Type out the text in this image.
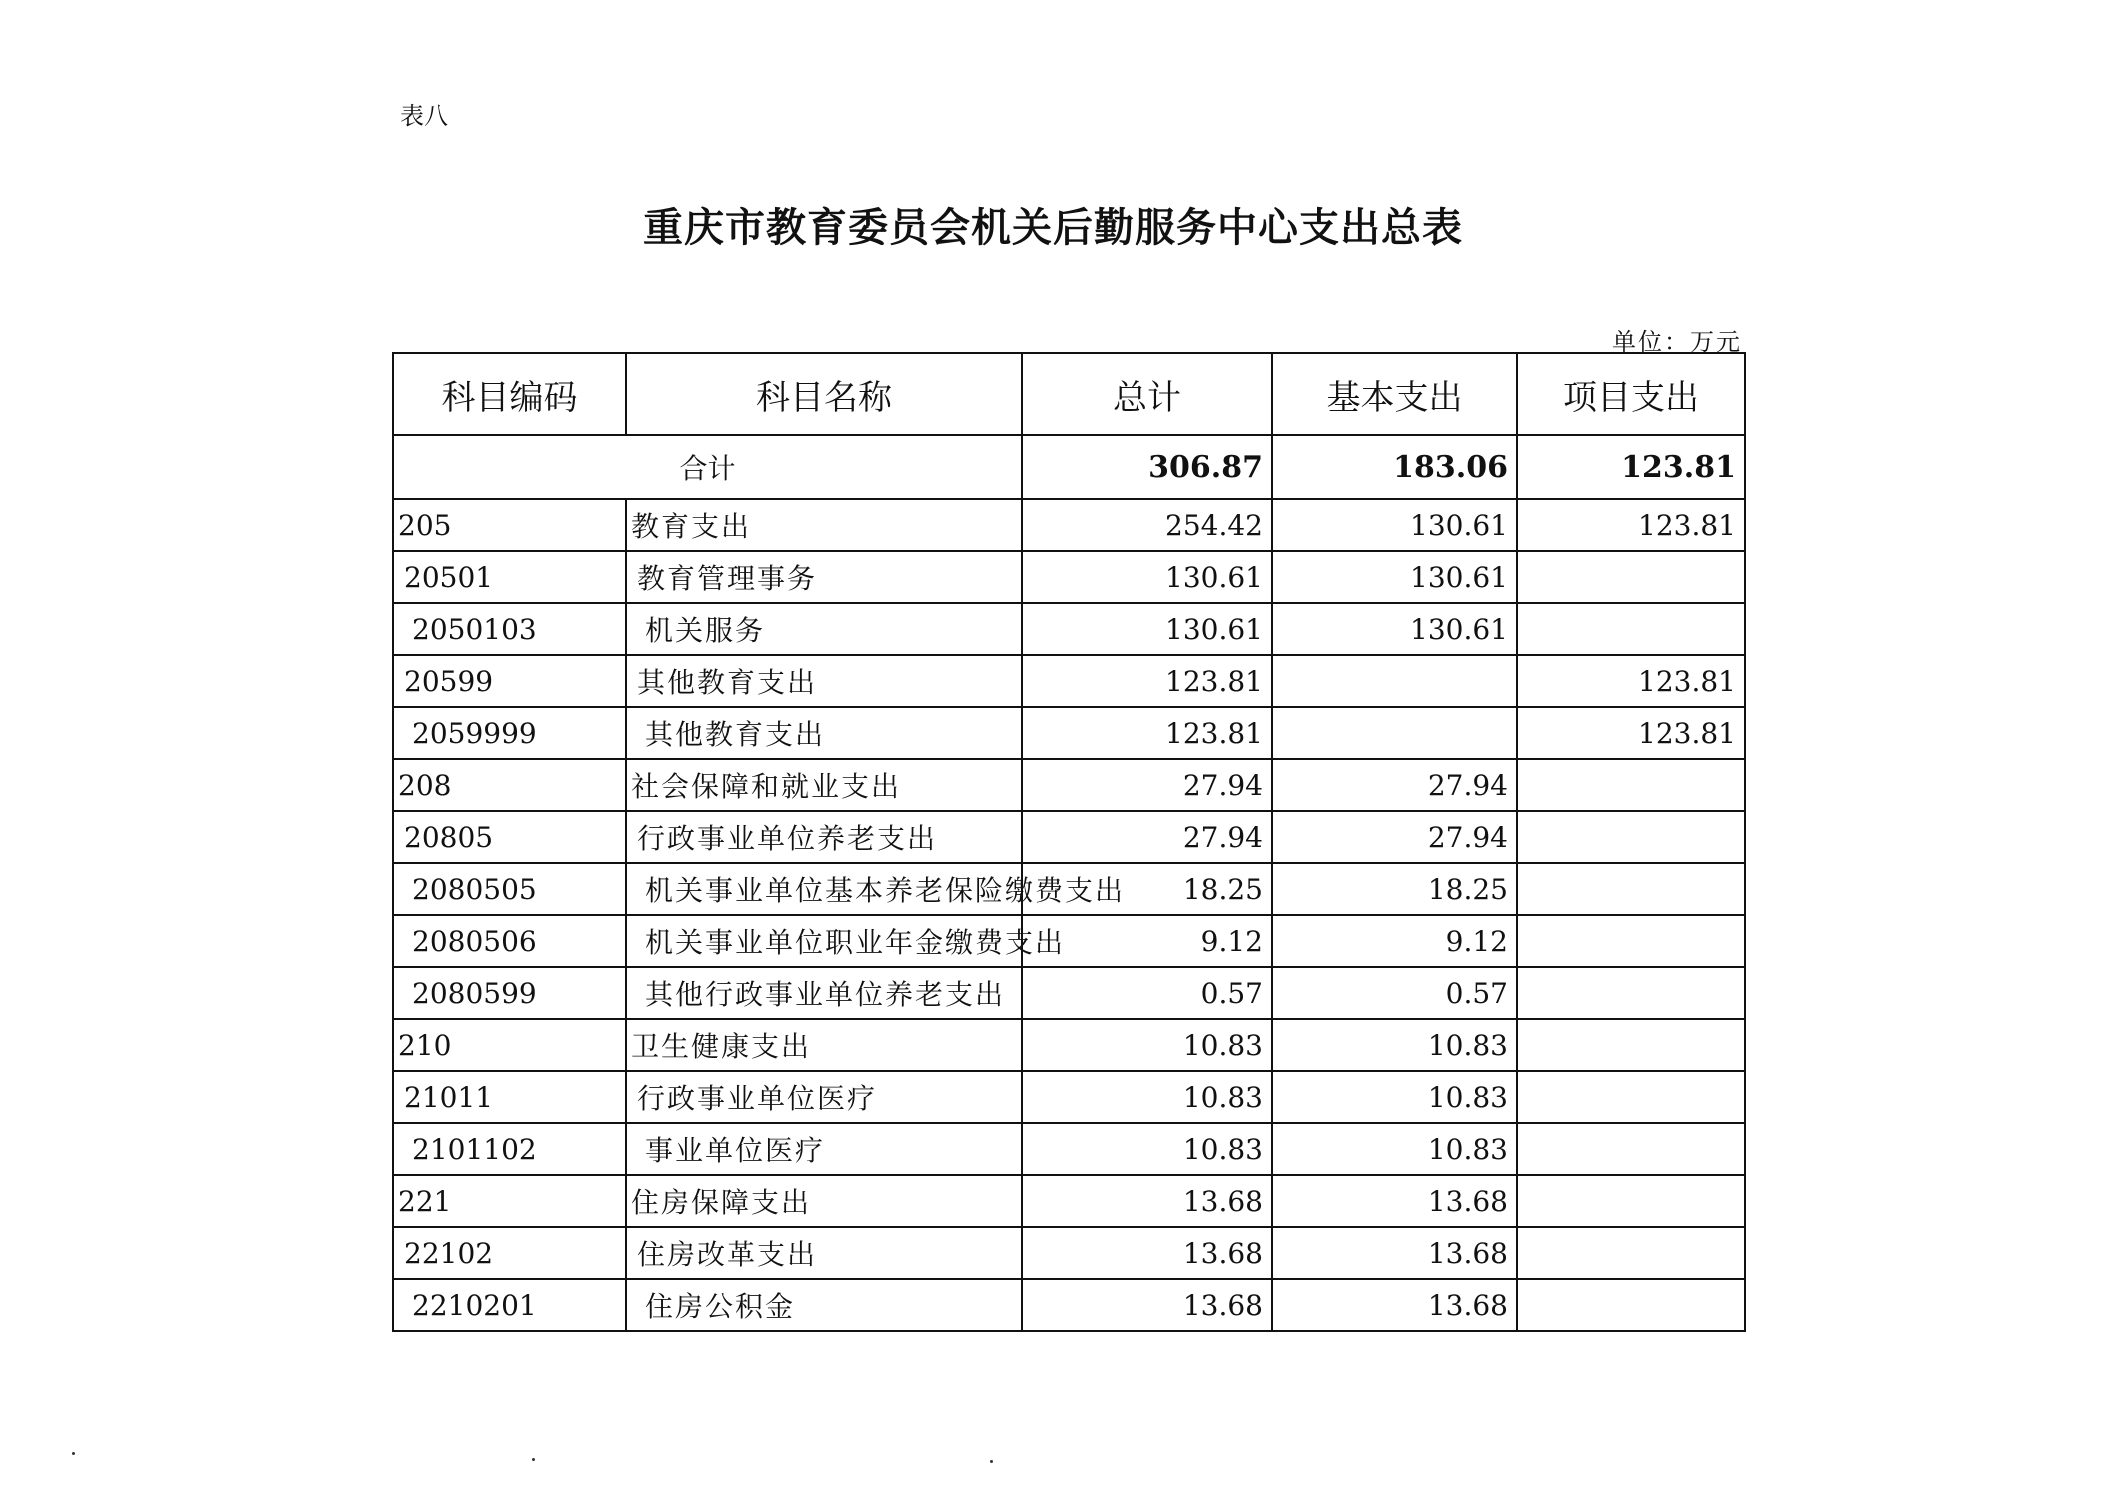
表八
重庆市教育委员会机关后勤服务中心支出总表
单位：万元
科目编码	科目名称	总计	基本支出	项目支出
合计		306.87	183.06	123.81
205	教育支出	254.42	130.61	123.81
20501	教育管理事务	130.61	130.61	
2050103	机关服务	130.61	130.61	
20599	其他教育支出	123.81		123.81
2059999	其他教育支出	123.81		123.81
208	社会保障和就业支出	27.94	27.94	
20805	行政事业单位养老支出	27.94	27.94	
2080505	机关事业单位基本养老保险缴费支出	18.25	18.25	
2080506	机关事业单位职业年金缴费支出	9.12	9.12	
2080599	其他行政事业单位养老支出	0.57	0.57	
210	卫生健康支出	10.83	10.83	
21011	行政事业单位医疗	10.83	10.83	
2101102	事业单位医疗	10.83	10.83	
221	住房保障支出	13.68	13.68	
22102	住房改革支出	13.68	13.68	
2210201	住房公积金	13.68	13.68	
